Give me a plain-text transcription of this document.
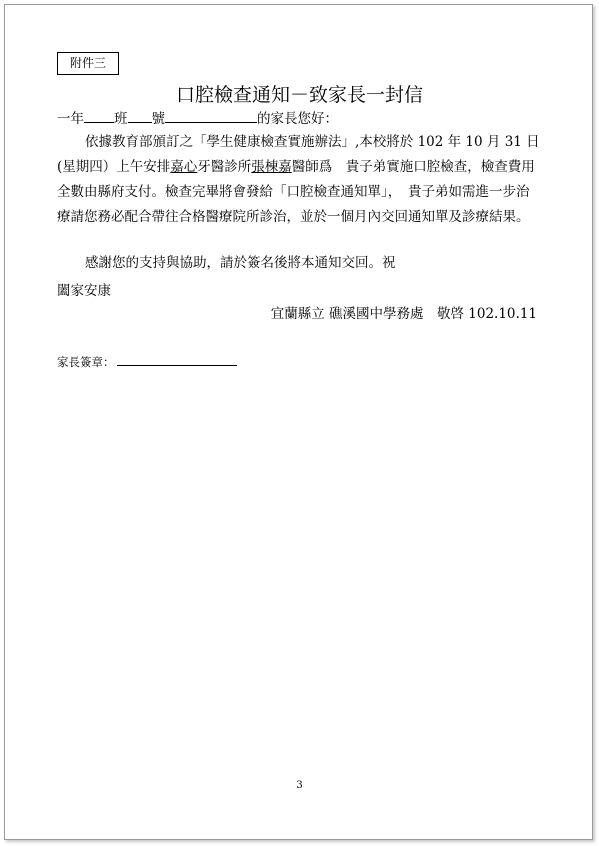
附件三
口腔檢查通知－致家長一封信
一年 班 號	的家長您好：
依據教育部頒訂之「學生健康檢查實施辦法」,本校將於 102 年 10 月 31 日(星期四）上午安排嘉心牙醫診所張棟嘉醫師爲　貴子弟實施口腔檢查，檢查費用全數由縣府支付。檢查完畢將會發給「口腔檢查通知單」，　貴子弟如需進一步治療請您務必配合帶往合格醫療院所診治，並於一個月內交回通知單及診療結果。
感謝您的支持與協助，請於簽名後將本通知交回。祝
闔家安康
宜蘭縣立 礁溪國中學務處　敬啓 102.10.11
家長簽章：
3
